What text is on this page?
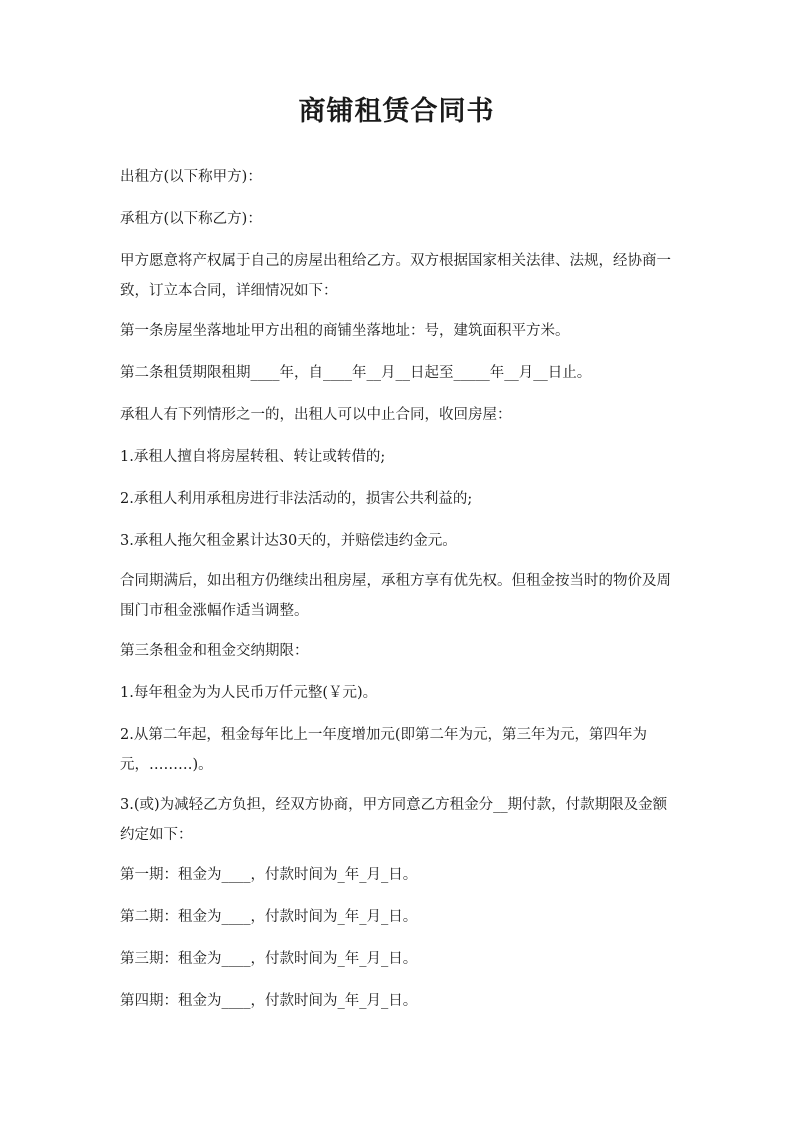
商铺租赁合同书

出租方(以下称甲方)：

承租方(以下称乙方)：

甲方愿意将产权属于自己的房屋出租给乙方。双方根据国家相关法律、法规，经协商一致，订立本合同，详细情况如下：

第一条房屋坐落地址甲方出租的商铺坐落地址：号，建筑面积平方米。

第二条租赁期限租期____年，自____年__月__日起至_____年__月__日止。

承租人有下列情形之一的，出租人可以中止合同，收回房屋：

1.承租人擅自将房屋转租、转让或转借的;

2.承租人利用承租房进行非法活动的，损害公共利益的;

3.承租人拖欠租金累计达30天的，并赔偿违约金元。

合同期满后，如出租方仍继续出租房屋，承租方享有优先权。但租金按当时的物价及周围门市租金涨幅作适当调整。

第三条租金和租金交纳期限：

1.每年租金为为人民币万仟元整(￥元)。

2.从第二年起，租金每年比上一年度增加元(即第二年为元，第三年为元，第四年为元，………)。

3.(或)为减轻乙方负担，经双方协商，甲方同意乙方租金分__期付款，付款期限及金额约定如下：

第一期：租金为____，付款时间为_年_月_日。

第二期：租金为____，付款时间为_年_月_日。

第三期：租金为____，付款时间为_年_月_日。

第四期：租金为____，付款时间为_年_月_日。
